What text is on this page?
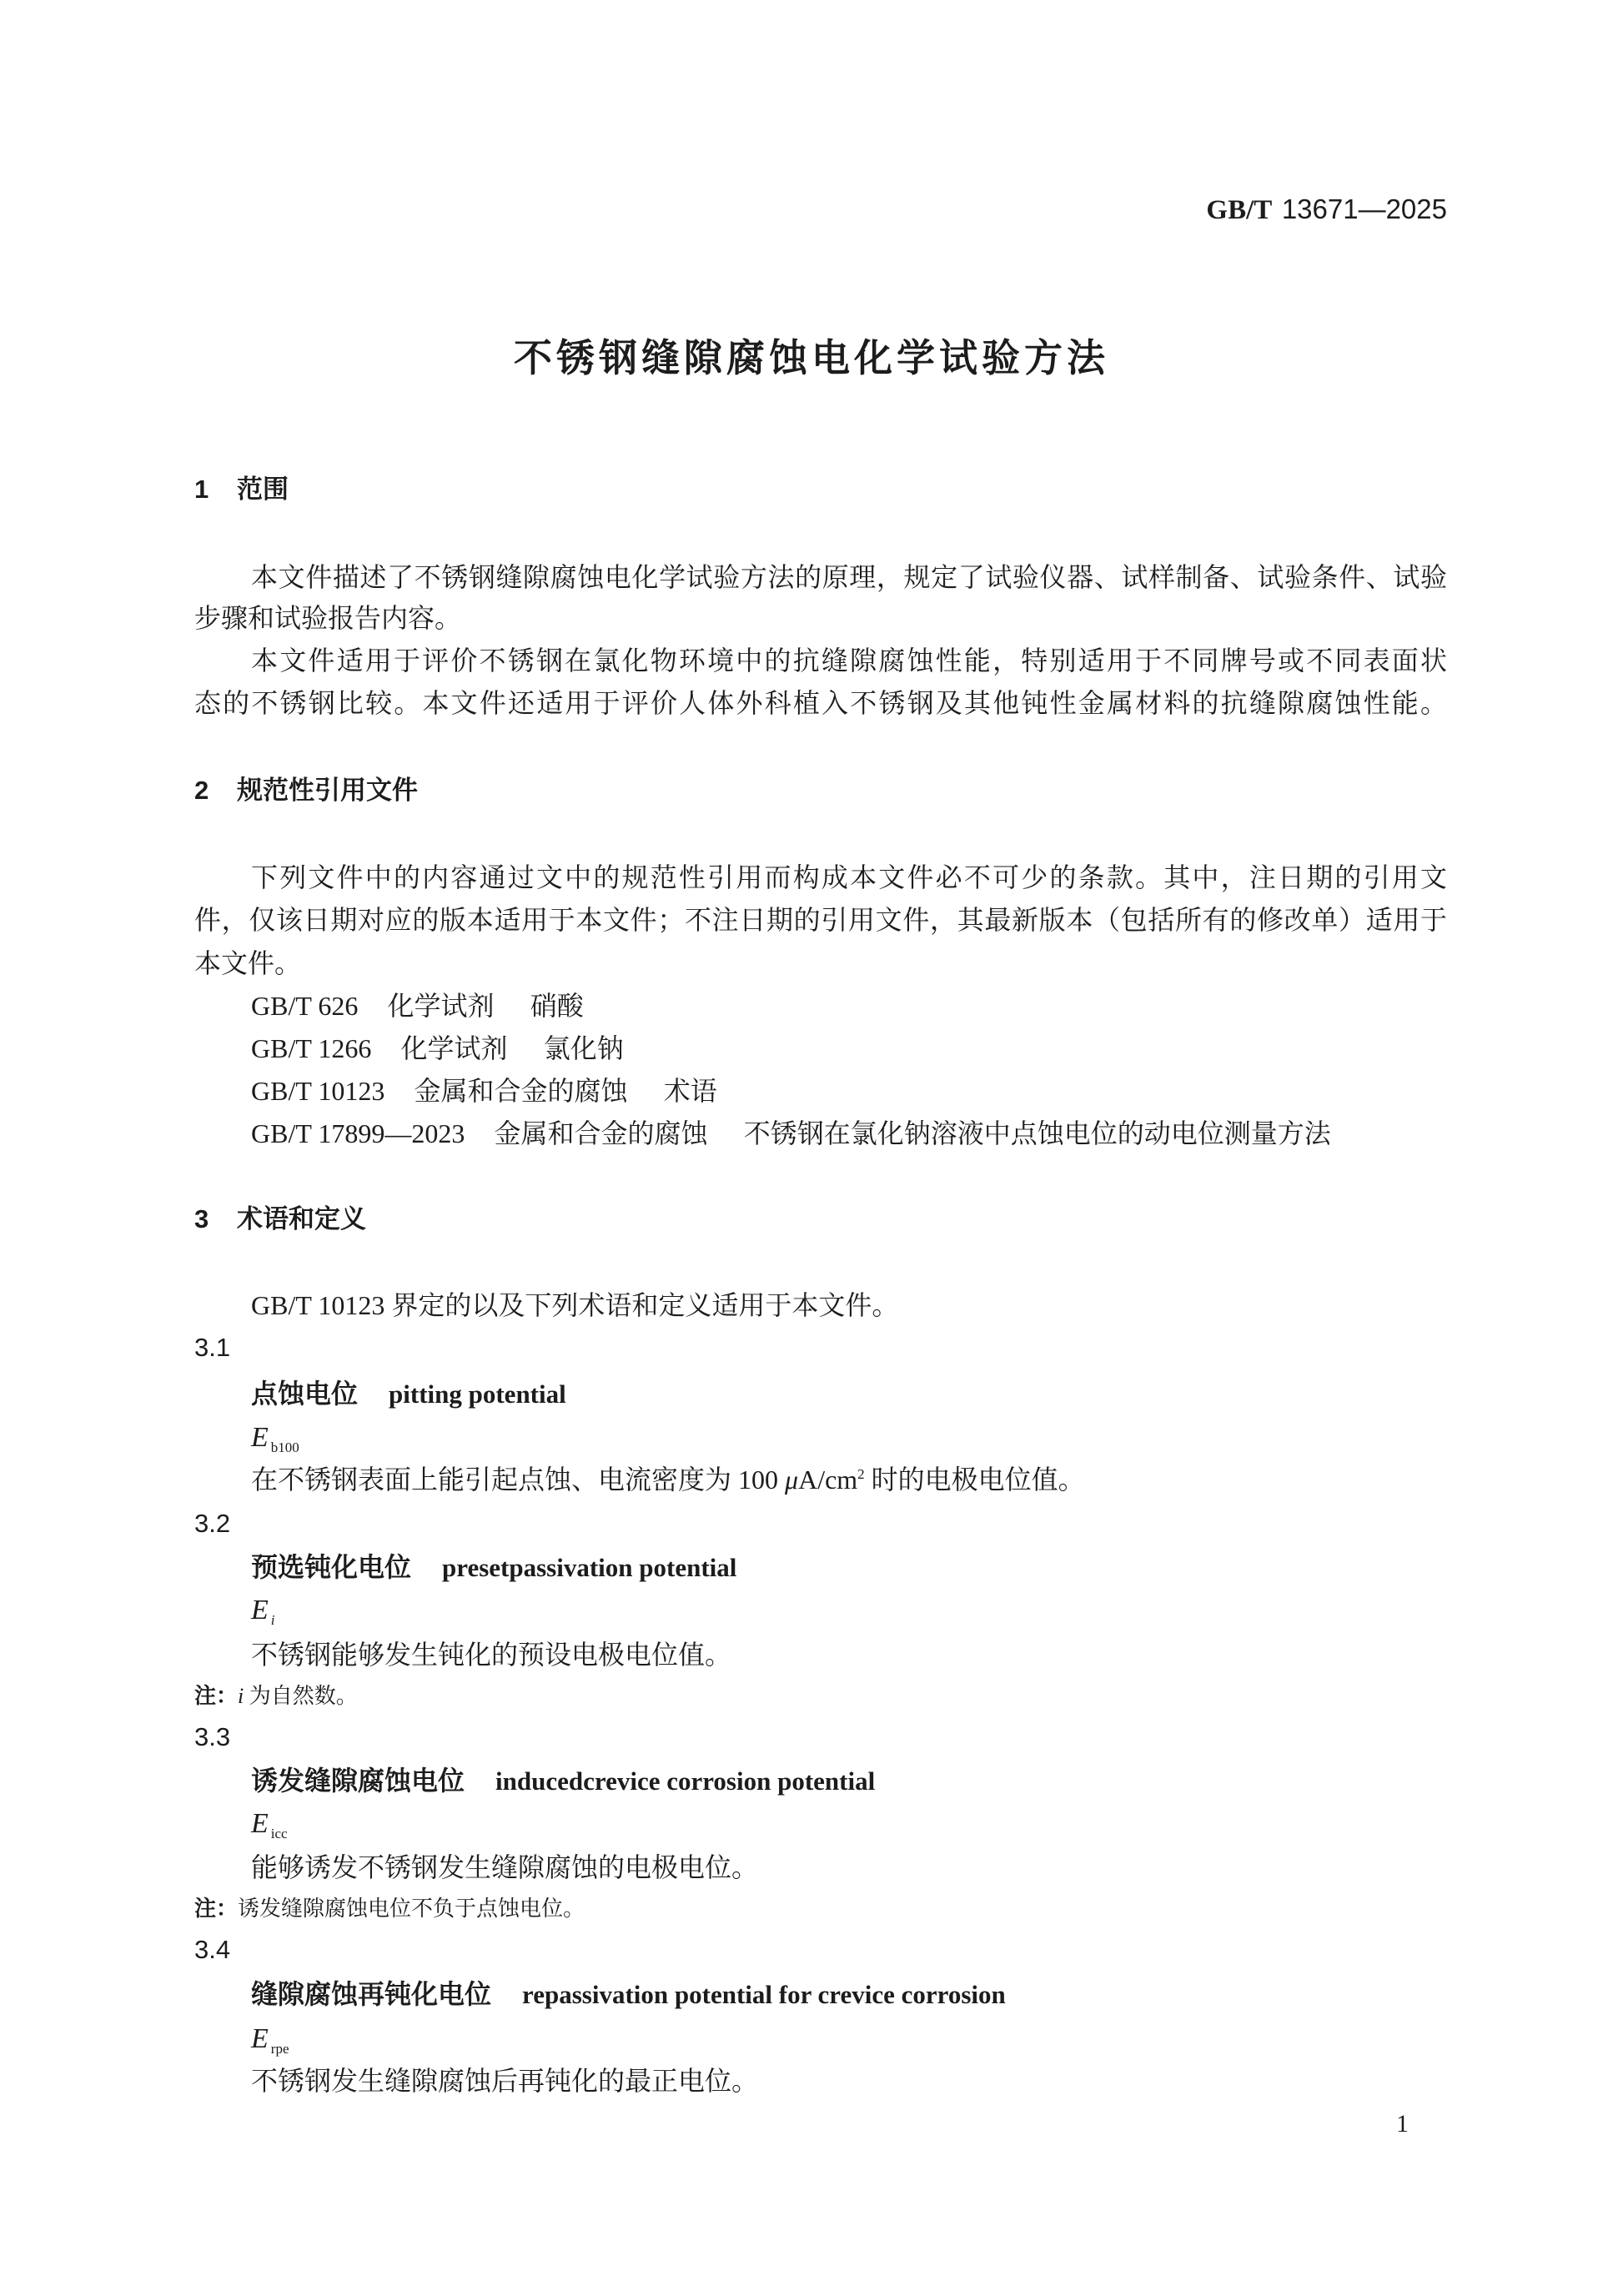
GB/T 13671—2025
不锈钢缝隙腐蚀电化学试验方法
1 范围
本文件描述了不锈钢缝隙腐蚀电化学试验方法的原理，规定了试验仪器、试样制备、试验条件、试验
步骤和试验报告内容。
本文件适用于评价不锈钢在氯化物环境中的抗缝隙腐蚀性能，特别适用于不同牌号或不同表面状
态的不锈钢比较。本文件还适用于评价人体外科植入不锈钢及其他钝性金属材料的抗缝隙腐蚀性能。
2 规范性引用文件
下列文件中的内容通过文中的规范性引用而构成本文件必不可少的条款。其中，注日期的引用文
件，仅该日期对应的版本适用于本文件；不注日期的引用文件，其最新版本（包括所有的修改单）适用于
本文件。
GB/T 626 化学试剂 硝酸
GB/T 1266 化学试剂 氯化钠
GB/T 10123 金属和合金的腐蚀 术语
GB/T 17899—2023 金属和合金的腐蚀 不锈钢在氯化钠溶液中点蚀电位的动电位测量方法
3 术语和定义
GB/T 10123 界定的以及下列术语和定义适用于本文件。
3.1
点蚀电位 pitting potential
E $_{b100}$
在不锈钢表面上能引起点蚀、电流密度为 100 $\mu A/cm^2$ 时的电极电位值。
3.2
预选钝化电位 presetpassivation potential
E $_i$
不锈钢能够发生钝化的预设电极电位值。
注：i 为自然数。
3.3
诱发缝隙腐蚀电位 inducedcrevice corrosion potential
E $_{icc}$
能够诱发不锈钢发生缝隙腐蚀的电极电位。
注：诱发缝隙腐蚀电位不负于点蚀电位。
3.4
缝隙腐蚀再钝化电位 repassivation potential for crevice corrosion
E $_{rpe}$
不锈钢发生缝隙腐蚀后再钝化的最正电位。
1
